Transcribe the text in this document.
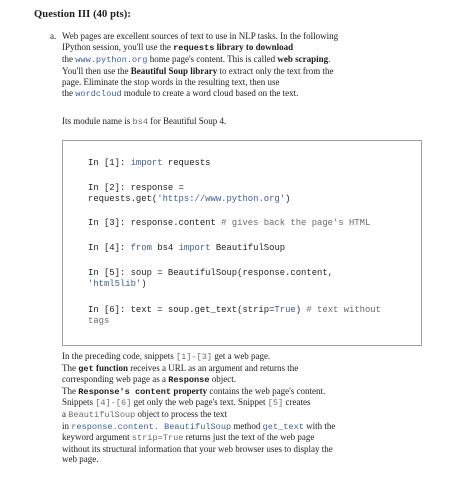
Question III (40 pts):
a. Web pages are excellent sources of text to use in NLP tasks. In the following
IPython session, you'll use the requests library to download
the www.python.org home page's content. This is called web scraping.
You'll then use the Beautiful Soup library to extract only the text from the
page. Eliminate the stop words in the resulting text, then use
the wordcloud module to create a word cloud based on the text.
Its module name is bs4 for Beautiful Soup 4.
In [1]: import requests
In [2]: response =
requests.get('https://www.python.org')
In [3]: response.content # gives back the page's HTML
In [4]: from bs4 import BeautifulSoup
In [5]: soup = BeautifulSoup(response.content,
'html5lib')
In [6]: text = soup.get_text(strip=True) # text without
tags
In the preceding code, snippets [1]-[3] get a web page.
The get function receives a URL as an argument and returns the
corresponding web page as a Response object.
The Response's content property contains the web page's content.
Snippets [4]-[6] get only the web page's text. Snippet [5] creates
a BeautifulSoup object to process the text
in response.content. BeautifulSoup method get_text with the
keyword argument strip=True returns just the text of the web page
without its structural information that your web browser uses to display the
web page.
